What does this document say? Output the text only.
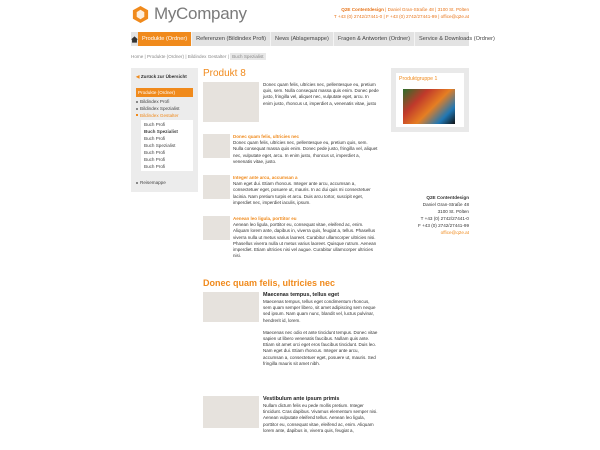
MyCompany	Q2E Contentdesign | Daniel Gran-Straße 48 | 3100 St. Pölten
T +43 (0) 2742/27441-0 | F +43 (0) 2742/27441-99 | office@q2e.at
Produkte (Ordner)	Referenzen (Bildindex Profi)	News (Ablagemappe)	Fragen & Antworten (Ordner)	Service & Downloads (Ordner)
Home | Produkte (Ordner) | Bildindex Gestalter | Buch Spezialist
◀ Zurück zur Übersicht
Produkte (Ordner)
Bildindex Profi
Bildindex Spezialist
Bildindex Gestalter
Buch Profi
Buch Spezialist
Buch Profi
Buch Spezialist
Buch Profi
Buch Profi
Buch Profi
Reisemappe
Produkt 8
Donec quam felis, ultricies nec, pellentesque eu, pretium quis, sem. Nulla consequat massa quis enim. Donec pede justo, fringilla vel, aliquet nec, vulputate eget, arcu. In enim justo, rhoncus ut, imperdiet a, venenatis vitae, justo
Donec quam felis, ultricies nec
Donec quam felis, ultricies nec, pellentesque eu, pretium quis, sem. Nulla consequat massa quis enim. Donec pede justo, fringilla vel, aliquet nec, vulputate eget, arcu. In enim justo, rhoncus ut, imperdiet a, venenatis vitae, justo.
Integer ante arcu, accumsan a
Nam eget dui. Etiam rhoncus. Integer ante arcu, accumsan a, consectetuer eget, posuere ut, mauris. In ac dui quis mi consectetuer lacinia. Nam pretium turpis et arcu. Duis arcu tortor, suscipit eget, imperdiet nec, imperdiet iaculis, ipsum.
Aenean leo ligula, porttitor eu
Aenean leo ligula, porttitor eu, consequat vitae, eleifend ac, enim. Aliquam lorem ante, dapibus in, viverra quis, feugiat a, tellus. Phasellus viverra nulla ut metus varius laoreet. Curabitur ullamcorper ultricies nisi. Phasellus viverra nulla ut metus varius laoreet. Quisque rutrum. Aenean imperdiet. Etiam ultricies nisi vel augue. Curabitur ullamcorper ultricies nisi.
Donec quam felis, ultricies nec
Maecenas tempus, tellus eget
Maecenas tempus, tellus eget condimentum rhoncus, sem quam semper libero, sit amet adipiscing sem neque sed ipsum. Nam quam nunc, blandit vel, luctus pulvinar, hendrerit id, lorem.
Maecenas nec odio et ante tincidunt tempus. Donec vitae sapien ut libero venenatis faucibus. Nullam quis ante. Etiam sit amet orci eget eros faucibus tincidunt. Duis leo. Nam eget dui. Etiam rhoncus. Integer ante arcu, accumsan a, consectetuer eget, posuere ut, mauris. Sed fringilla mauris sit amet nibh.
Vestibulum ante ipsum primis
Nullam dictum felis eu pede mollis pretium. Integer tincidunt. Cras dapibus. Vivamus elementum semper nisi. Aenean vulputate eleifend tellus. Aenean leo ligula, porttitor eu, consequat vitae, eleifend ac, enim. Aliquam lorem ante, dapibus in, viverra quis, feugiat a,
Produktgruppe 1
Q2E Contentdesign
Daniel Gran-Straße 48
3100 St. Pölten
T +43 (0) 2742/27441-0
F +43 (0) 2742/27441-99
office@q2e.at
